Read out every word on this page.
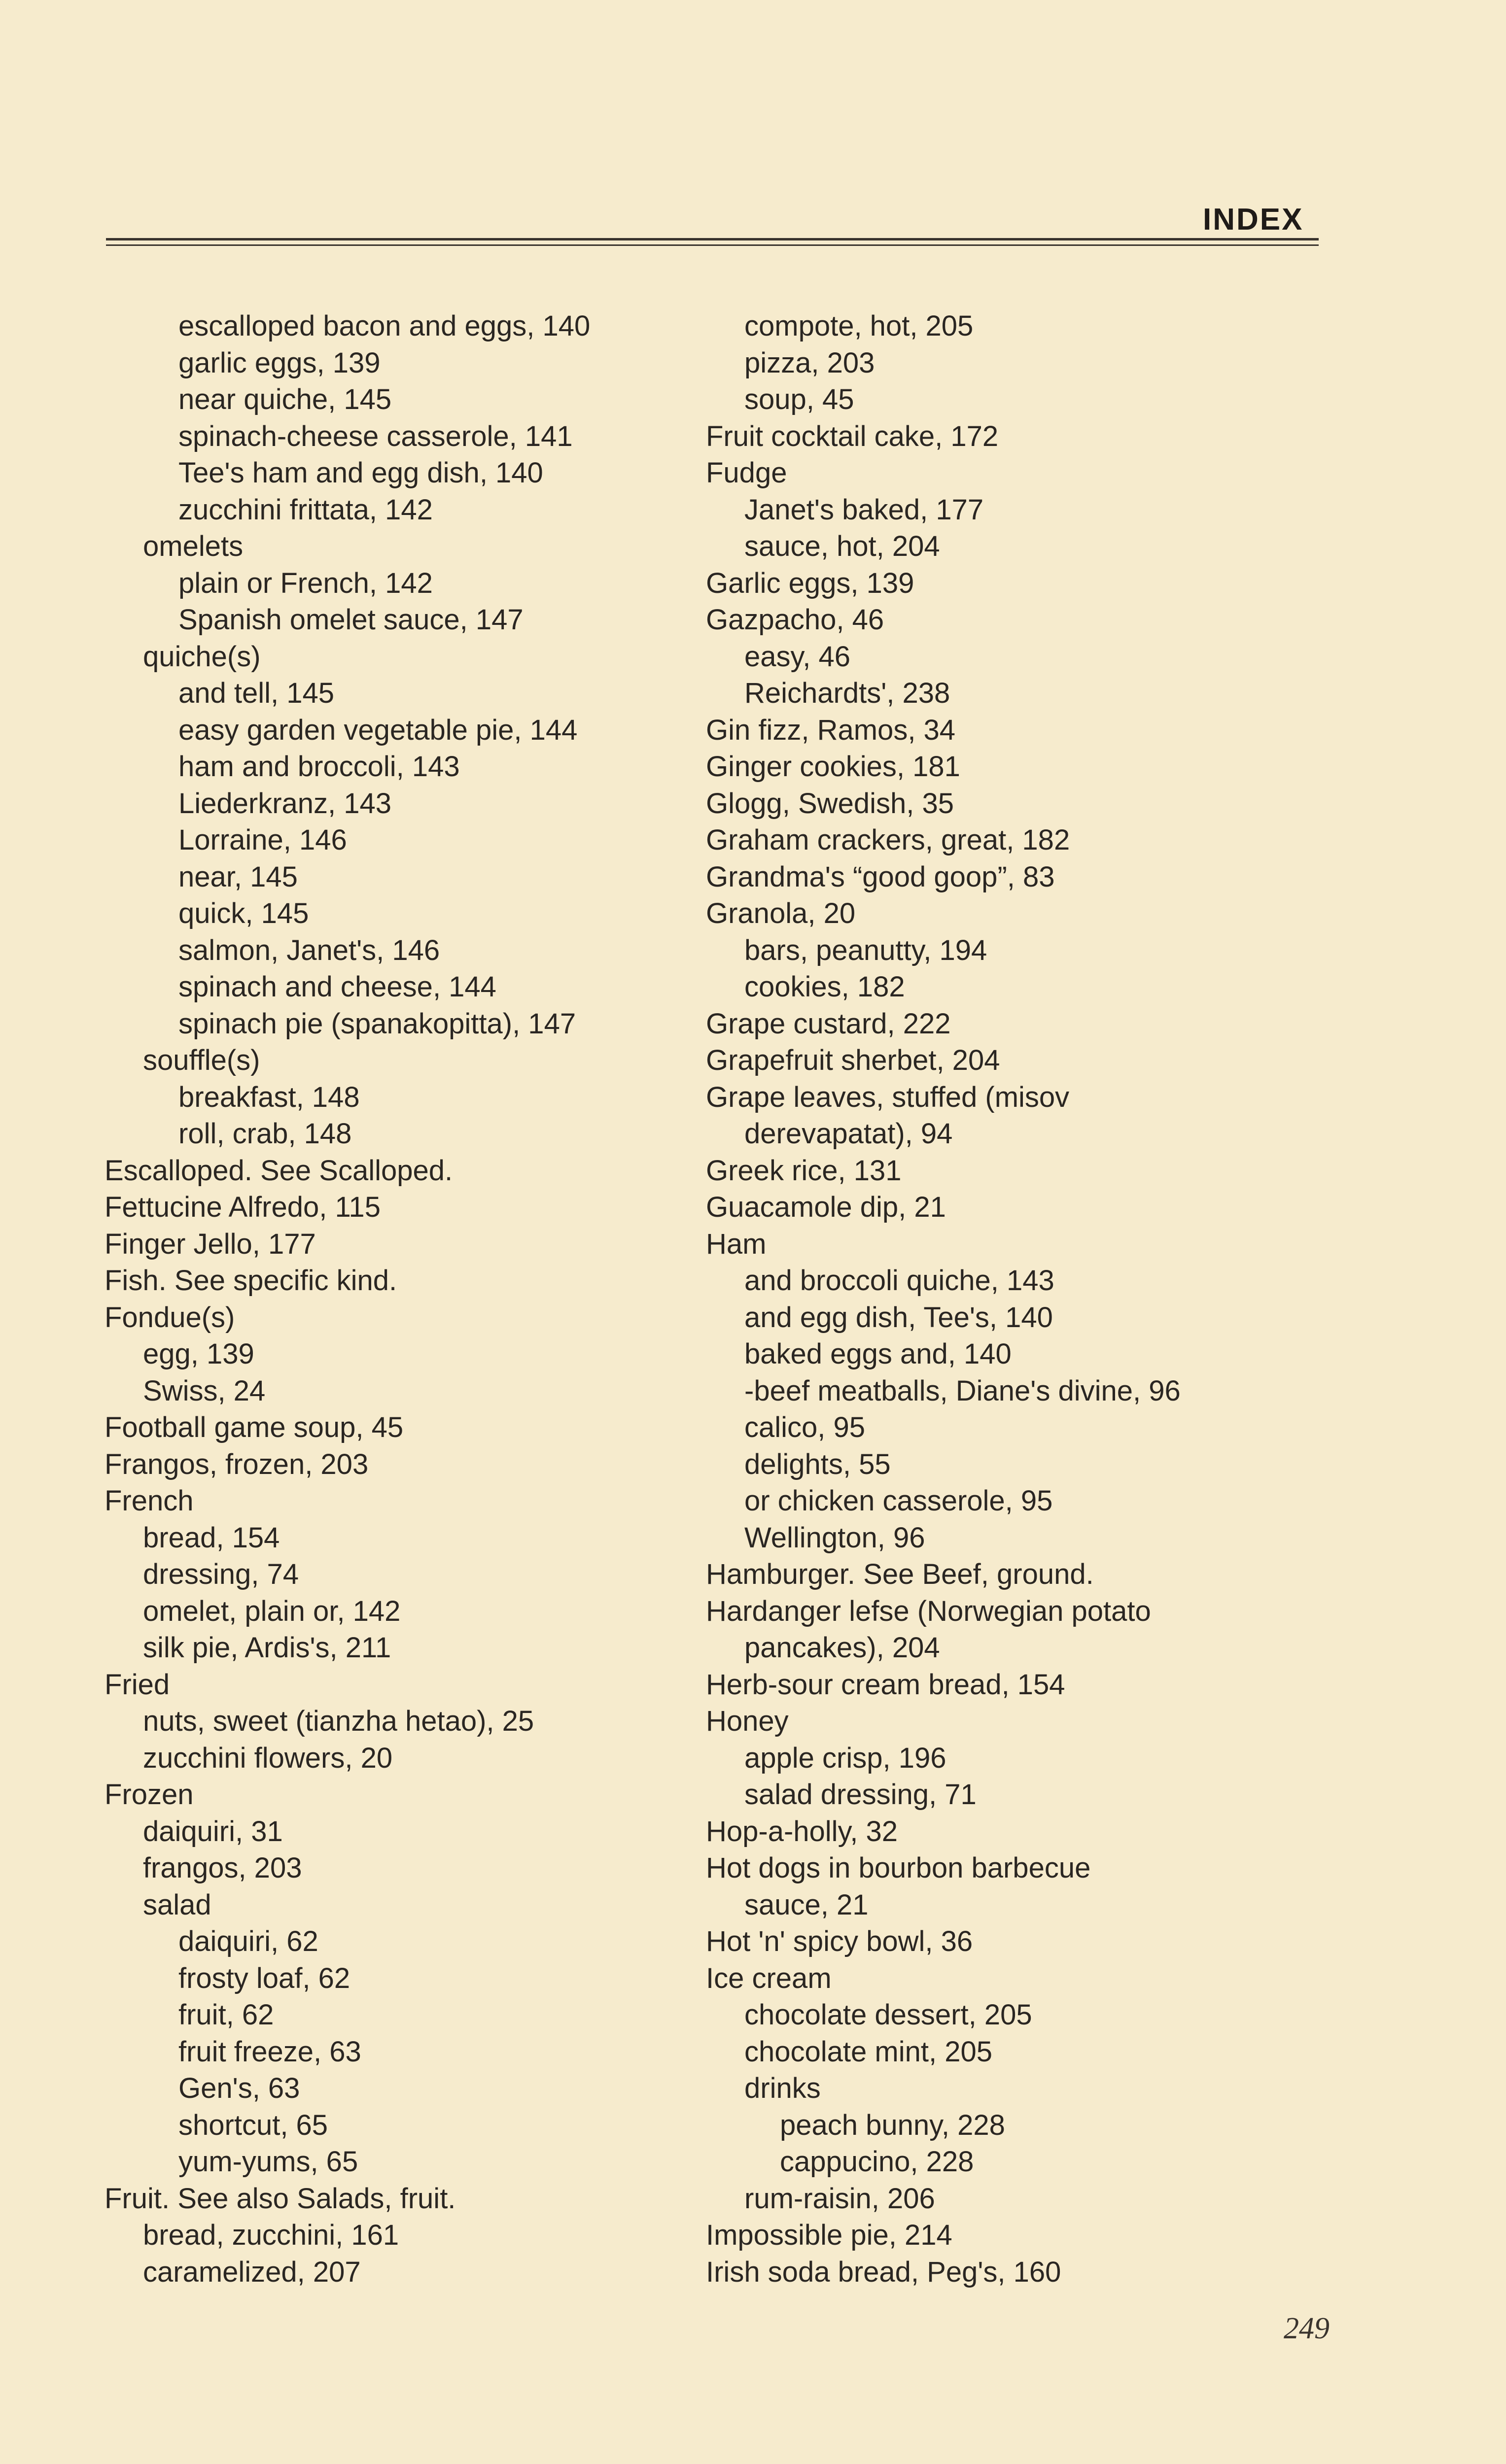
INDEX
escalloped bacon and eggs, 140
garlic eggs, 139
near quiche, 145
spinach-cheese casserole, 141
Tee's ham and egg dish, 140
zucchini frittata, 142
omelets
plain or French, 142
Spanish omelet sauce, 147
quiche(s)
and tell, 145
easy garden vegetable pie, 144
ham and broccoli, 143
Liederkranz, 143
Lorraine, 146
near, 145
quick, 145
salmon, Janet's, 146
spinach and cheese, 144
spinach pie (spanakopitta), 147
souffle(s)
breakfast, 148
roll, crab, 148
Escalloped. See Scalloped.
Fettucine Alfredo, 115
Finger Jello, 177
Fish. See specific kind.
Fondue(s)
egg, 139
Swiss, 24
Football game soup, 45
Frangos, frozen, 203
French
bread, 154
dressing, 74
omelet, plain or, 142
silk pie, Ardis's, 211
Fried
nuts, sweet (tianzha hetao), 25
zucchini flowers, 20
Frozen
daiquiri, 31
frangos, 203
salad
daiquiri, 62
frosty loaf, 62
fruit, 62
fruit freeze, 63
Gen's, 63
shortcut, 65
yum-yums, 65
Fruit. See also Salads, fruit.
bread, zucchini, 161
caramelized, 207
compote, hot, 205
pizza, 203
soup, 45
Fruit cocktail cake, 172
Fudge
Janet's baked, 177
sauce, hot, 204
Garlic eggs, 139
Gazpacho, 46
easy, 46
Reichardts', 238
Gin fizz, Ramos, 34
Ginger cookies, 181
Glogg, Swedish, 35
Graham crackers, great, 182
Grandma's “good goop”, 83
Granola, 20
bars, peanutty, 194
cookies, 182
Grape custard, 222
Grapefruit sherbet, 204
Grape leaves, stuffed (misov
derevapatat), 94
Greek rice, 131
Guacamole dip, 21
Ham
and broccoli quiche, 143
and egg dish, Tee's, 140
baked eggs and, 140
-beef meatballs, Diane's divine, 96
calico, 95
delights, 55
or chicken casserole, 95
Wellington, 96
Hamburger. See Beef, ground.
Hardanger lefse (Norwegian potato
pancakes), 204
Herb-sour cream bread, 154
Honey
apple crisp, 196
salad dressing, 71
Hop-a-holly, 32
Hot dogs in bourbon barbecue
sauce, 21
Hot 'n' spicy bowl, 36
Ice cream
chocolate dessert, 205
chocolate mint, 205
drinks
peach bunny, 228
cappucino, 228
rum-raisin, 206
Impossible pie, 214
Irish soda bread, Peg's, 160
249
